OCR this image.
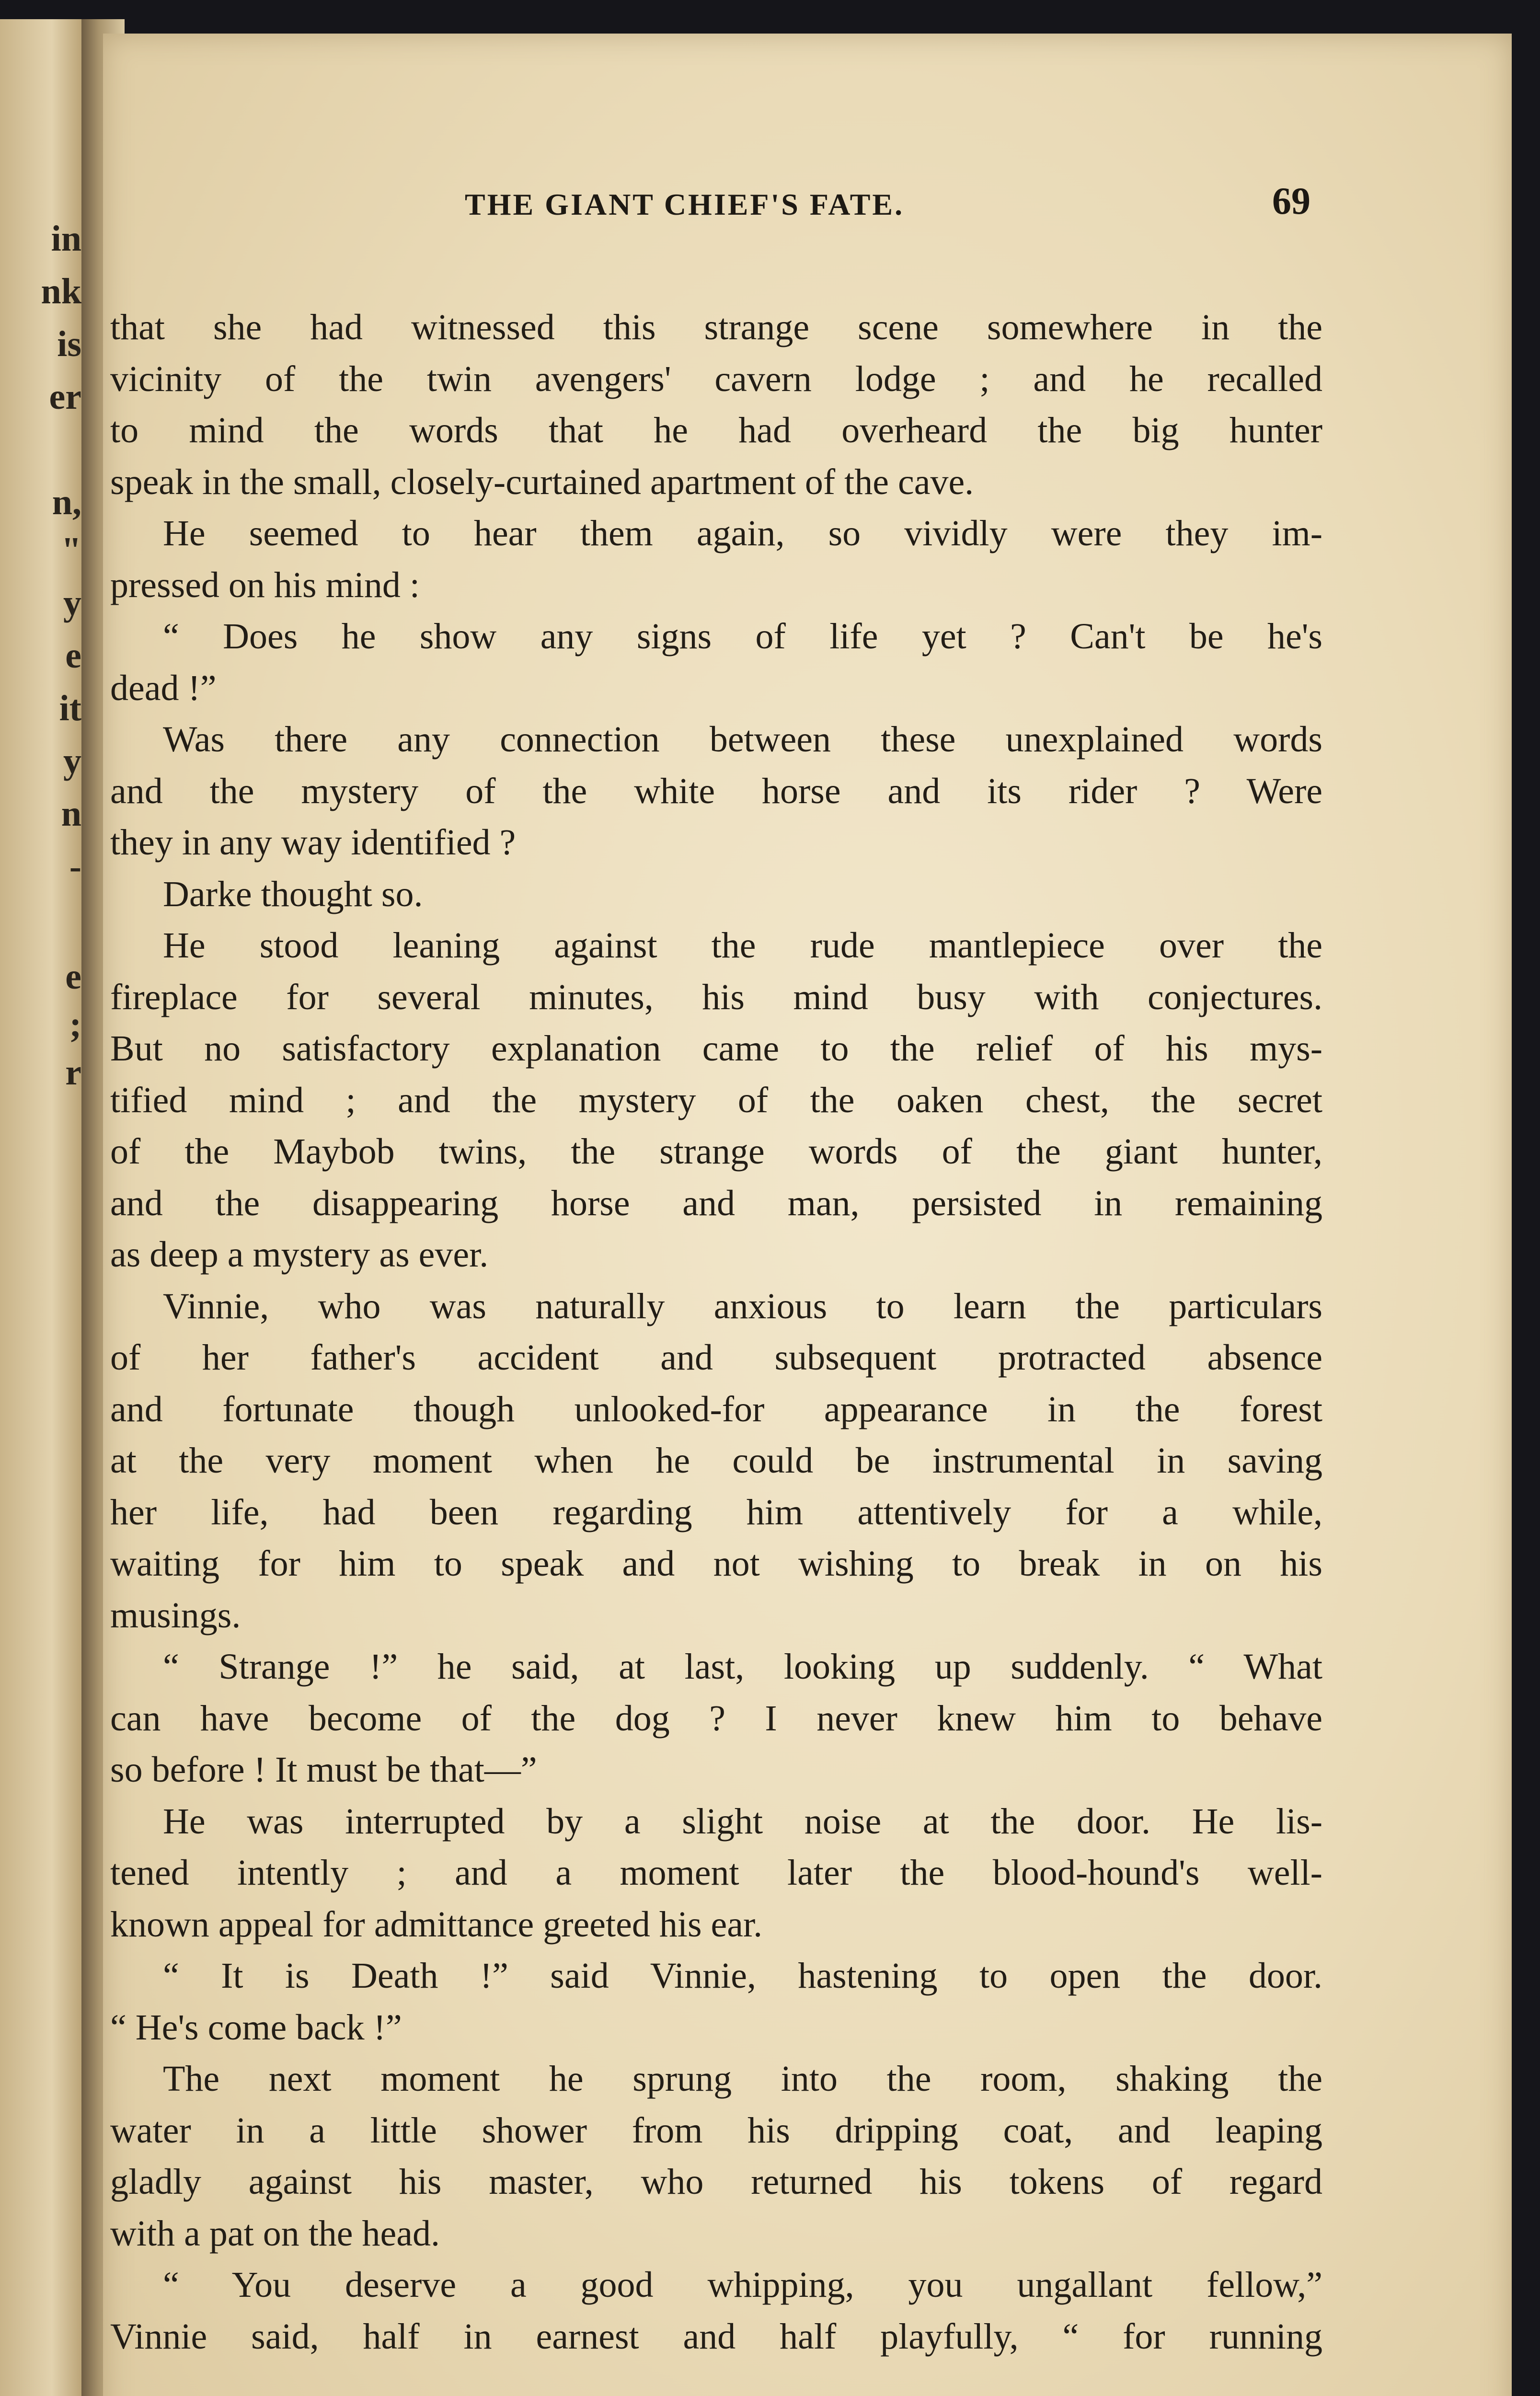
in
nk
is
er
n,
"
y
e
it
y
n
-
e
;
r
THE GIANT CHIEF'S FATE.	69
that she had witnessed this strange scene somewhere in the
vicinity of the twin avengers' cavern lodge ; and he recalled
to mind the words that he had overheard the big hunter
speak in the small, closely-curtained apartment of the cave.
He seemed to hear them again, so vividly were they im-
pressed on his mind :
“ Does he show any signs of life yet ? Can't be he's
dead !”
Was there any connection between these unexplained words
and the mystery of the white horse and its rider ? Were
they in any way identified ?
Darke thought so.
He stood leaning against the rude mantlepiece over the
fireplace for several minutes, his mind busy with conjectures.
But no satisfactory explanation came to the relief of his mys-
tified mind ; and the mystery of the oaken chest, the secret
of the Maybob twins, the strange words of the giant hunter,
and the disappearing horse and man, persisted in remaining
as deep a mystery as ever.
Vinnie, who was naturally anxious to learn the particulars
of her father's accident and subsequent protracted absence
and fortunate though unlooked-for appearance in the forest
at the very moment when he could be instrumental in saving
her life, had been regarding him attentively for a while,
waiting for him to speak and not wishing to break in on his
musings.
“ Strange !” he said, at last, looking up suddenly. “ What
can have become of the dog ? I never knew him to behave
so before ! It must be that—”
He was interrupted by a slight noise at the door. He lis-
tened intently ; and a moment later the blood-hound's well-
known appeal for admittance greeted his ear.
“ It is Death !” said Vinnie, hastening to open the door.
“ He's come back !”
The next moment he sprung into the room, shaking the
water in a little shower from his dripping coat, and leaping
gladly against his master, who returned his tokens of regard
with a pat on the head.
“ You deserve a good whipping, you ungallant fellow,”
Vinnie said, half in earnest and half playfully, “ for running
